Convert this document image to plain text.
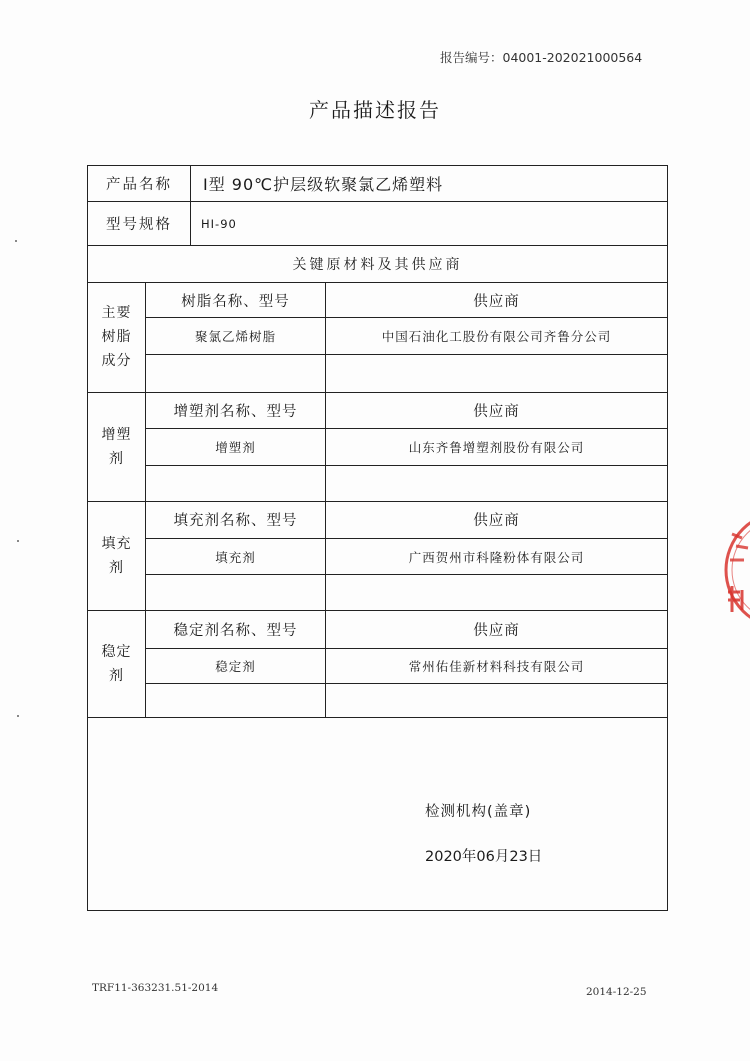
报告编号：04001-202021000564
产品描述报告
产品名称		Ⅰ型 90℃护层级软聚氯乙烯塑料	
型号规格		HI-90	
关键原材料及其供应商			

主要
树脂
成分	树脂名称、型号		供应商
	聚氯乙烯树脂		中国石油化工股份有限公司齐鲁分公司

增塑
剂	增塑剂名称、型号		供应商
	增塑剂		山东齐鲁增塑剂股份有限公司

填充
剂	填充剂名称、型号		供应商
	填充剂		广西贺州市科隆粉体有限公司

稳定
剂	稳定剂名称、型号		供应商
	稳定剂		常州佑佳新材料科技有限公司

检测机构(盖章)
2020年06月23日			
TRF11-363231.51-2014	2014-12-25
